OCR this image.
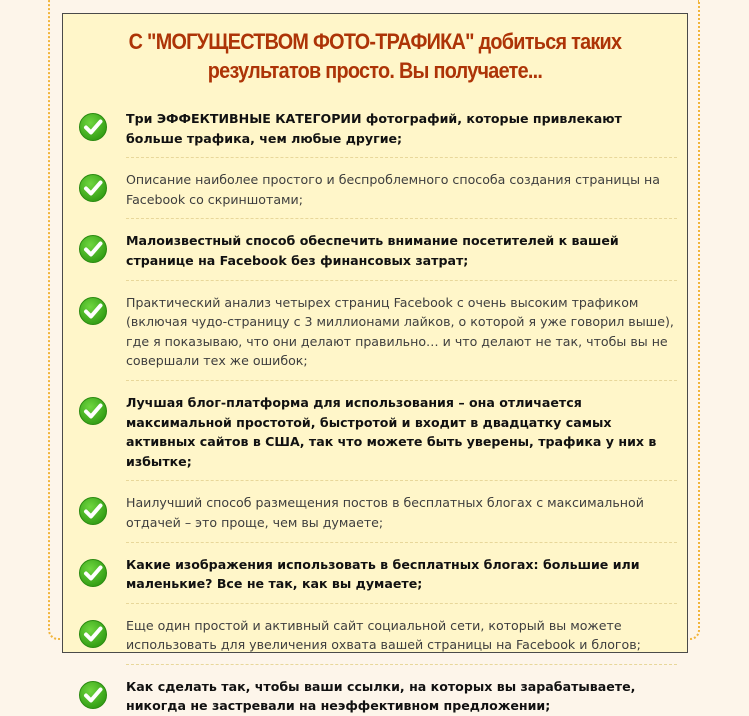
С "МОГУЩЕСТВОМ ФОТО-ТРАФИКА" добиться таких
результатов просто. Вы получаете...
Три ЭФФЕКТИВНЫЕ КАТЕГОРИИ фотографий, которые привлекают больше трафика, чем любые другие;
Описание наиболее простого и беспроблемного способа создания страницы на Facebook со скриншотами;
Малоизвестный способ обеспечить внимание посетителей к вашей странице на Facebook без финансовых затрат;
Практический анализ четырех страниц Facebook с очень высоким трафиком (включая чудо-страницу с 3 миллионами лайков, о которой я уже говорил выше), где я показываю, что они делают правильно… и что делают не так, чтобы вы не совершали тех же ошибок;
Лучшая блог-платформа для использования – она отличается максимальной простотой, быстротой и входит в двадцатку самых активных сайтов в США, так что можете быть уверены, трафика у них в избытке;
Наилучший способ размещения постов в бесплатных блогах с максимальной отдачей – это проще, чем вы думаете;
Какие изображения использовать в бесплатных блогах: большие или маленькие? Все не так, как вы думаете;
Еще один простой и активный сайт социальной сети, который вы можете использовать для увеличения охвата вашей страницы на Facebook и блогов;
Как сделать так, чтобы ваши ссылки, на которых вы зарабатываете, никогда не застревали на неэффективном предложении;
